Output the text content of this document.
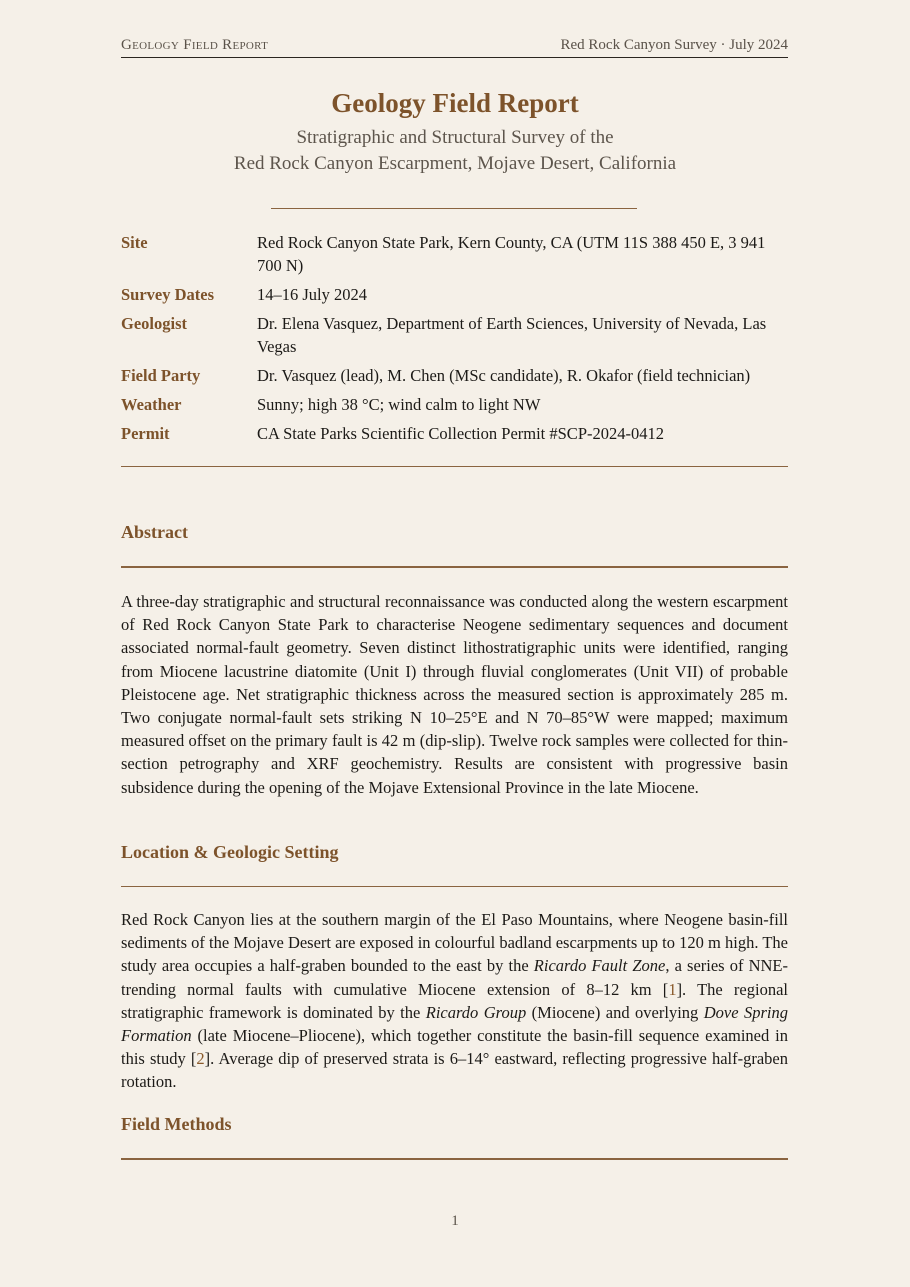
Geology Field Report	Red Rock Canyon Survey · July 2024
Geology Field Report
Stratigraphic and Structural Survey of the
Red Rock Canyon Escarpment, Mojave Desert, California
Site	Red Rock Canyon State Park, Kern County, CA (UTM 11S 388 450 E, 3 941 700 N)
Survey Dates	14–16 July 2024
Geologist	Dr. Elena Vasquez, Department of Earth Sciences, University of Nevada, Las Vegas
Field Party	Dr. Vasquez (lead), M. Chen (MSc candidate), R. Okafor (field technician)
Weather	Sunny; high 38 °C; wind calm to light NW
Permit	CA State Parks Scientific Collection Permit #SCP-2024-0412
Abstract
A three-day stratigraphic and structural reconnaissance was conducted along the western escarpment of Red Rock Canyon State Park to characterise Neogene sedimentary sequences and document associated normal-fault geometry. Seven distinct lithostratigraphic units were identified, ranging from Miocene lacustrine diatomite (Unit I) through fluvial conglomerates (Unit VII) of probable Pleistocene age. Net stratigraphic thickness across the measured section is approximately 285 m. Two conjugate normal-fault sets striking N 10–25°E and N 70–85°W were mapped; maximum measured offset on the primary fault is 42 m (dip-slip). Twelve rock samples were collected for thin-section petrography and XRF geochemistry. Results are consistent with progressive basin subsidence during the opening of the Mojave Extensional Province in the late Miocene.
Location & Geologic Setting
Red Rock Canyon lies at the southern margin of the El Paso Mountains, where Neogene basin-fill sediments of the Mojave Desert are exposed in colourful badland escarpments up to 120 m high. The study area occupies a half-graben bounded to the east by the Ricardo Fault Zone, a series of NNE-trending normal faults with cumulative Miocene extension of 8–12 km [1]. The regional stratigraphic framework is dominated by the Ricardo Group (Miocene) and overlying Dove Spring Formation (late Miocene–Pliocene), which together constitute the basin-fill sequence examined in this study [2]. Average dip of preserved strata is 6–14° eastward, reflecting progressive half-graben rotation.
Field Methods
1
